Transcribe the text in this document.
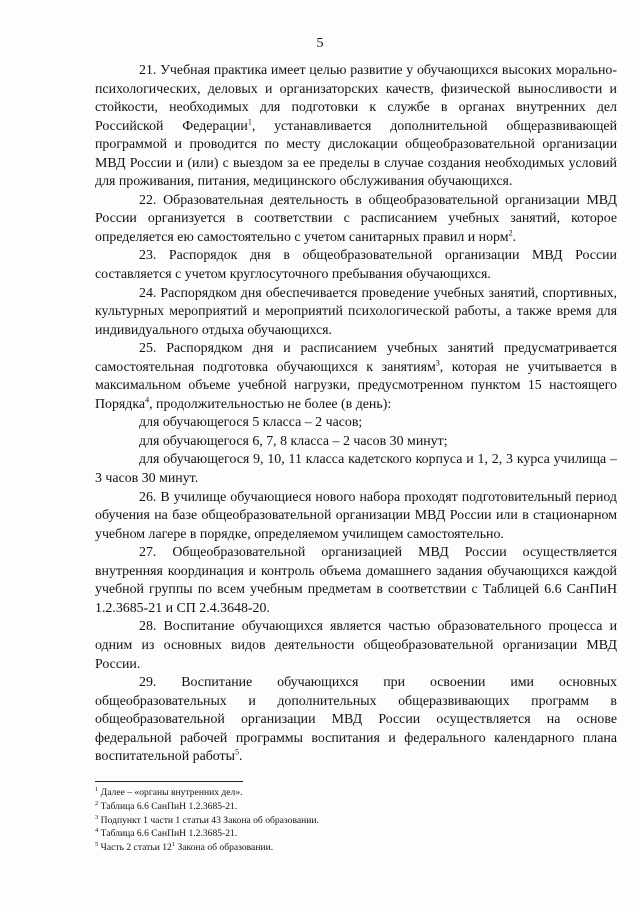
5

21. Учебная практика имеет целью развитие у обучающихся высоких морально-психологических, деловых и организаторских качеств, физической выносливости и стойкости, необходимых для подготовки к службе в органах внутренних дел Российской Федерации$^1$, устанавливается дополнительной общеразвивающей программой и проводится по месту дислокации общеобразовательной организации МВД России и (или) с выездом за ее пределы в случае создания необходимых условий для проживания, питания, медицинского обслуживания обучающихся.

22. Образовательная деятельность в общеобразовательной организации МВД России организуется в соответствии с расписанием учебных занятий, которое определяется ею самостоятельно с учетом санитарных правил и норм$^2$.

23. Распорядок дня в общеобразовательной организации МВД России составляется с учетом круглосуточного пребывания обучающихся.

24. Распорядком дня обеспечивается проведение учебных занятий, спортивных, культурных мероприятий и мероприятий психологической работы, а также время для индивидуального отдыха обучающихся.

25. Распорядком дня и расписанием учебных занятий предусматривается самостоятельная подготовка обучающихся к занятиям$^3$, которая не учитывается в максимальном объеме учебной нагрузки, предусмотренном пунктом 15 настоящего Порядка$^4$, продолжительностью не более (в день):

для обучающегося 5 класса – 2 часов;

для обучающегося 6, 7, 8 класса – 2 часов 30 минут;

для обучающегося 9, 10, 11 класса кадетского корпуса и 1, 2, 3 курса училища – 3 часов 30 минут.

26. В училище обучающиеся нового набора проходят подготовительный период обучения на базе общеобразовательной организации МВД России или в стационарном учебном лагере в порядке, определяемом училищем самостоятельно.

27. Общеобразовательной организацией МВД России осуществляется внутренняя координация и контроль объема домашнего задания обучающихся каждой учебной группы по всем учебным предметам в соответствии с Таблицей 6.6 СанПиН 1.2.3685-21 и СП 2.4.3648-20.

28. Воспитание обучающихся является частью образовательного процесса и одним из основных видов деятельности общеобразовательной организации МВД России.

29. Воспитание обучающихся при освоении ими основных общеобразовательных и дополнительных общеразвивающих программ в общеобразовательной организации МВД России осуществляется на основе федеральной рабочей программы воспитания и федерального календарного плана воспитательной работы$^5$.

$^1$ Далее – «органы внутренних дел».
$^2$ Таблица 6.6 СанПиН 1.2.3685-21.
$^3$ Подпункт 1 части 1 статьи 43 Закона об образовании.
$^4$ Таблица 6.6 СанПиН 1.2.3685-21.
$^5$ Часть 2 статьи $12^1$ Закона об образовании.
